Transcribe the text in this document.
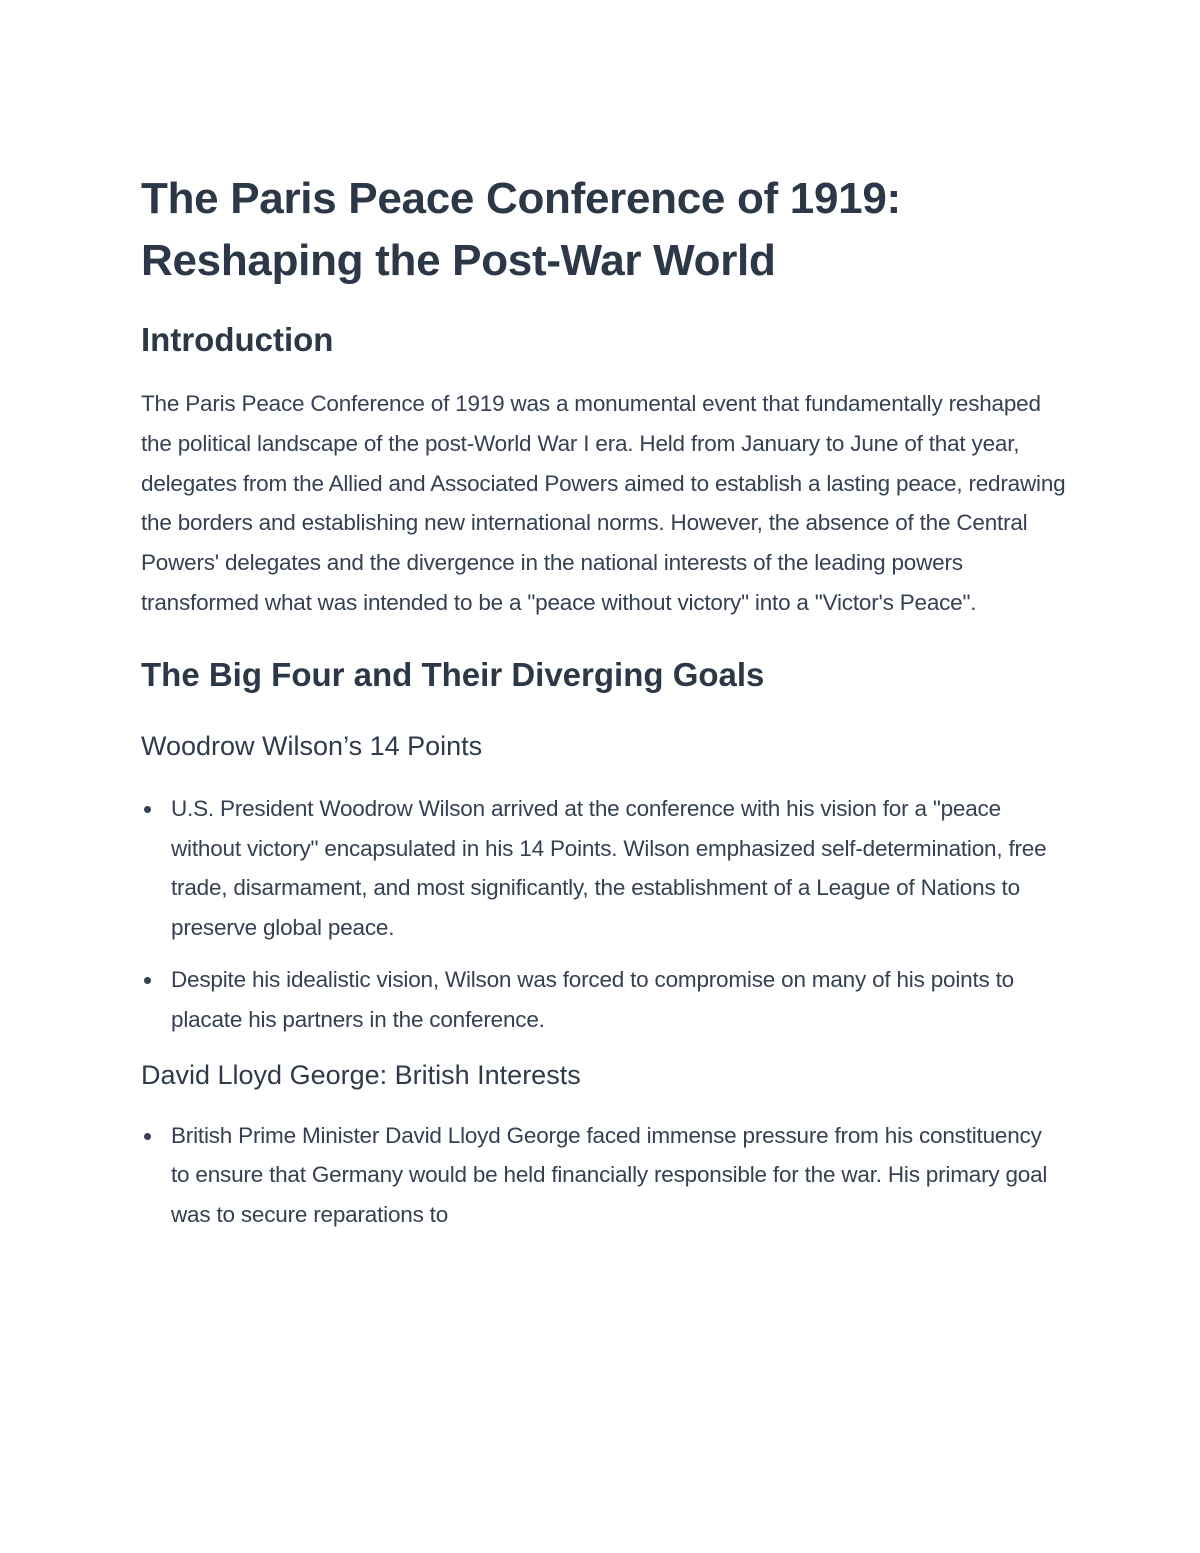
The Paris Peace Conference of 1919: Reshaping the Post-War World
Introduction

The Paris Peace Conference of 1919 was a monumental event that fundamentally reshaped the political landscape of the post-World War I era. Held from January to June of that year, delegates from the Allied and Associated Powers aimed to establish a lasting peace, redrawing the borders and establishing new international norms. However, the absence of the Central Powers' delegates and the divergence in the national interests of the leading powers transformed what was intended to be a "peace without victory" into a "Victor's Peace".

The Big Four and Their Diverging Goals
Woodrow Wilson’s 14 Points
U.S. President Woodrow Wilson arrived at the conference with his vision for a "peace without victory" encapsulated in his 14 Points. Wilson emphasized self-determination, free trade, disarmament, and most significantly, the establishment of a League of Nations to preserve global peace.
Despite his idealistic vision, Wilson was forced to compromise on many of his points to placate his partners in the conference.
David Lloyd George: British Interests
British Prime Minister David Lloyd George faced immense pressure from his constituency to ensure that Germany would be held financially responsible for the war. His primary goal was to secure reparations to
